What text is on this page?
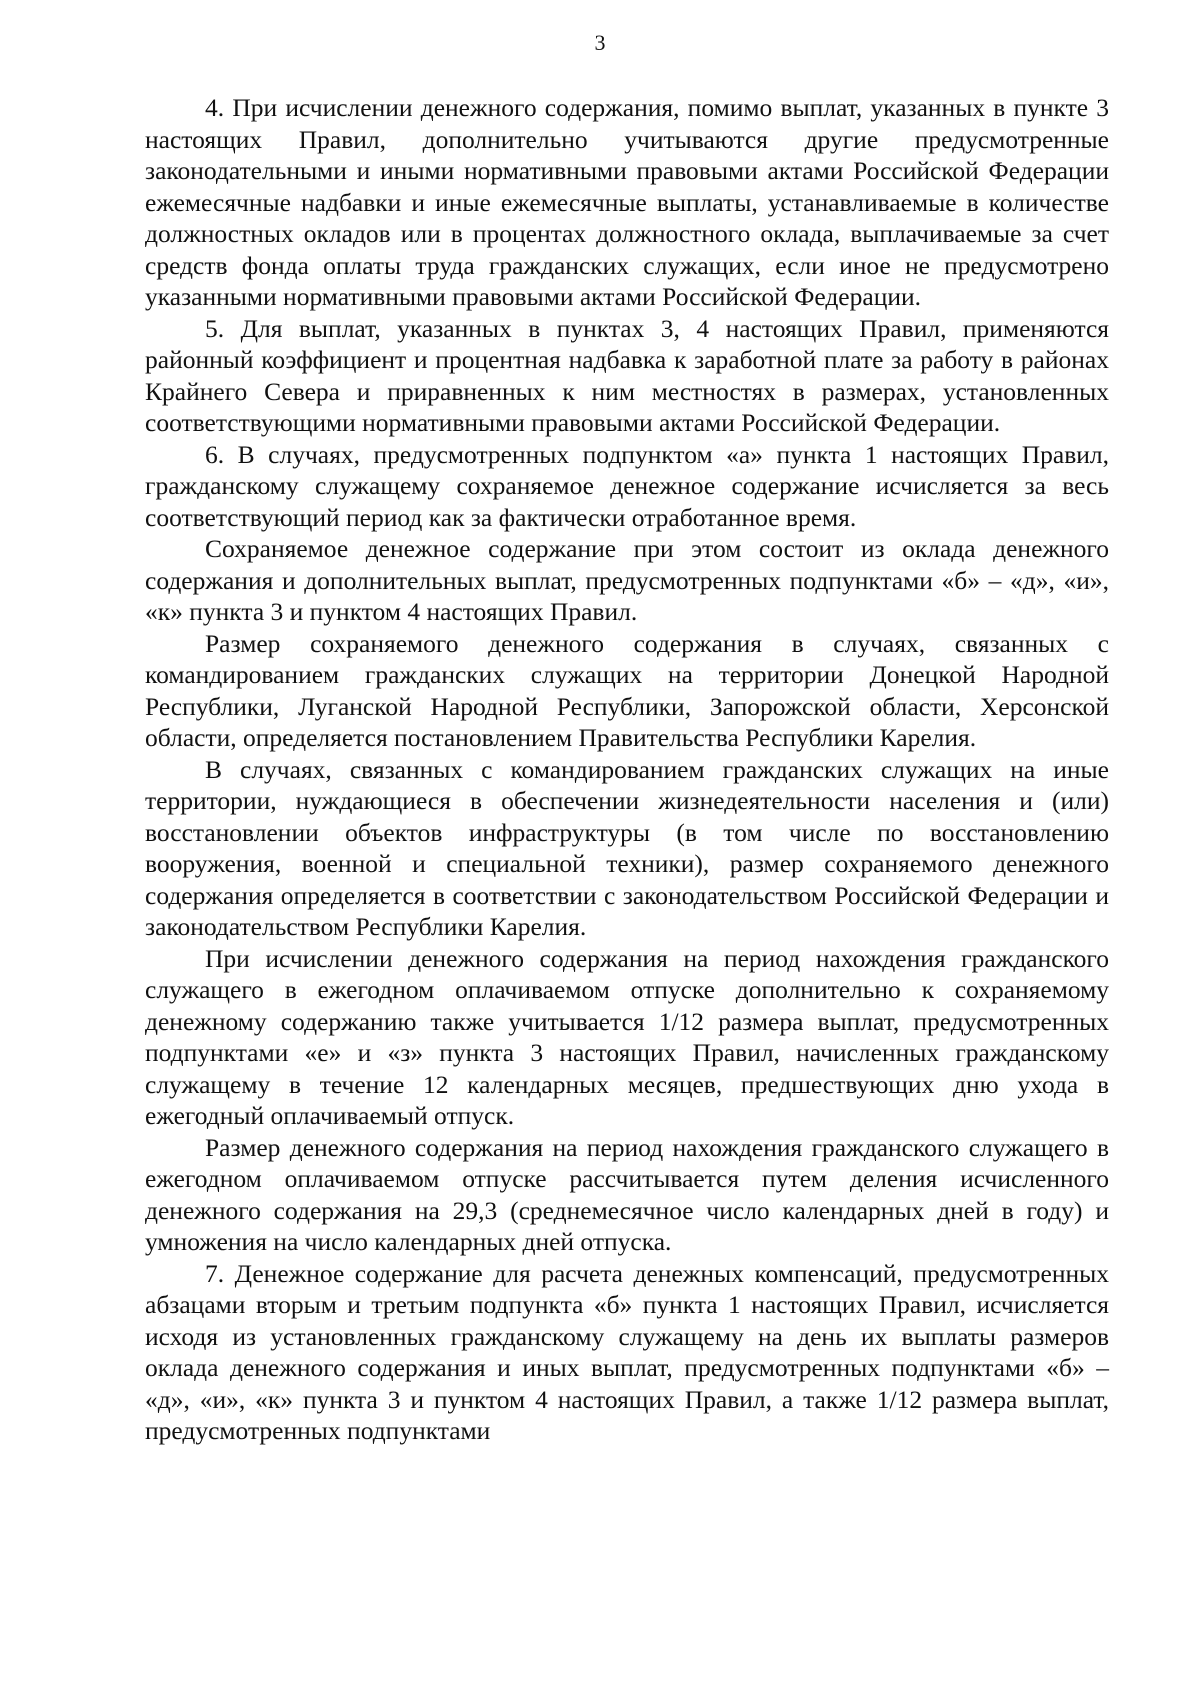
3

4. При исчислении денежного содержания, помимо выплат, указанных в пункте 3 настоящих Правил, дополнительно учитываются другие предусмотренные законодательными и иными нормативными правовыми актами Российской Федерации ежемесячные надбавки и иные ежемесячные выплаты, устанавливаемые в количестве должностных окладов или в процентах должностного оклада, выплачиваемые за счет средств фонда оплаты труда гражданских служащих, если иное не предусмотрено указанными нормативными правовыми актами Российской Федерации.

5. Для выплат, указанных в пунктах 3, 4 настоящих Правил, применяются районный коэффициент и процентная надбавка к заработной плате за работу в районах Крайнего Севера и приравненных к ним местностях в размерах, установленных соответствующими нормативными правовыми актами Российской Федерации.

6. В случаях, предусмотренных подпунктом «а» пункта 1 настоящих Правил, гражданскому служащему сохраняемое денежное содержание исчисляется за весь соответствующий период как за фактически отработанное время.

Сохраняемое денежное содержание при этом состоит из оклада денежного содержания и дополнительных выплат, предусмотренных подпунктами «б» – «д», «и», «к» пункта 3 и пунктом 4 настоящих Правил.

Размер сохраняемого денежного содержания в случаях, связанных с командированием гражданских служащих на территории Донецкой Народной Республики, Луганской Народной Республики, Запорожской области, Херсонской области, определяется постановлением Правительства Республики Карелия.

В случаях, связанных с командированием гражданских служащих на иные территории, нуждающиеся в обеспечении жизнедеятельности населения и (или) восстановлении объектов инфраструктуры (в том числе по восстановлению вооружения, военной и специальной техники), размер сохраняемого денежного содержания определяется в соответствии с законодательством Российской Федерации и законодательством Республики Карелия.

При исчислении денежного содержания на период нахождения гражданского служащего в ежегодном оплачиваемом отпуске дополнительно к сохраняемому денежному содержанию также учитывается 1/12 размера выплат, предусмотренных подпунктами «е» и «з» пункта 3 настоящих Правил, начисленных гражданскому служащему в течение 12 календарных месяцев, предшествующих дню ухода в ежегодный оплачиваемый отпуск.

Размер денежного содержания на период нахождения гражданского служащего в ежегодном оплачиваемом отпуске рассчитывается путем деления исчисленного денежного содержания на 29,3 (среднемесячное число календарных дней в году) и умножения на число календарных дней отпуска.

7. Денежное содержание для расчета денежных компенсаций, предусмотренных абзацами вторым и третьим подпункта «б» пункта 1 настоящих Правил, исчисляется исходя из установленных гражданскому служащему на день их выплаты размеров оклада денежного содержания и иных выплат, предусмотренных подпунктами «б» – «д», «и», «к» пункта 3 и пунктом 4 настоящих Правил, а также 1/12 размера выплат, предусмотренных подпунктами
